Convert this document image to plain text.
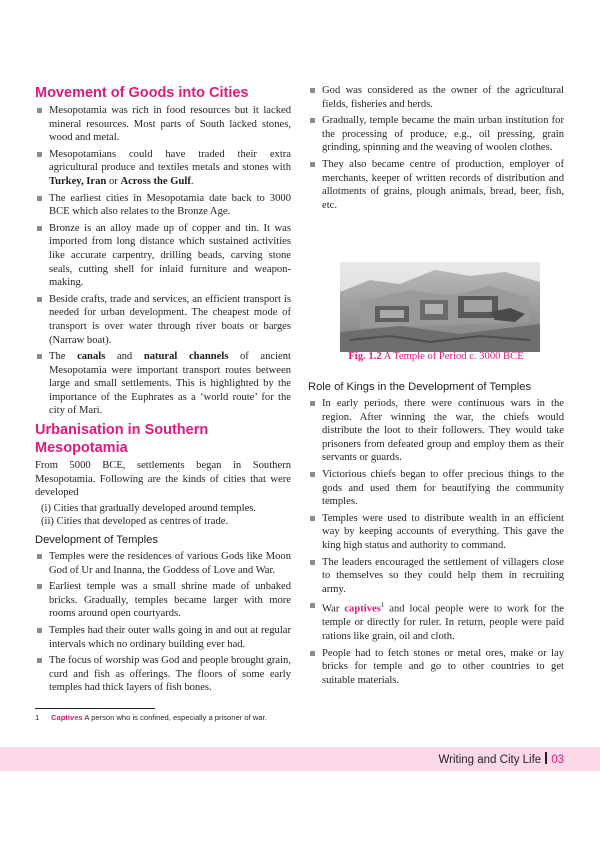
Movement of Goods into Cities
Mesopotamia was rich in food resources but it lacked mineral resources. Most parts of South lacked stones, wood and metal.
Mesopotamians could have traded their extra agricultural produce and textiles metals and stones with Turkey, Iran or Across the Gulf.
The earliest cities in Mesopotamia date back to 3000 BCE which also relates to the Bronze Age.
Bronze is an alloy made up of copper and tin. It was imported from long distance which sustained activities like accurate carpentry, drilling beads, carving stone seals, cutting shell for inlaid furniture and weapon-making.
Beside crafts, trade and services, an efficient transport is needed for urban development. The cheapest mode of transport is over water through river boats or barges (Narraw boat).
The canals and natural channels of ancient Mesopotamia were important transport routes between large and small settlements. This is highlighted by the importance of the Euphrates as a ‘world route’ for the city of Mari.
Urbanisation in Southern Mesopotamia

From 5000 BCE, settlements began in Southern Mesopotamia. Following are the kinds of cities that were developed

(i) Cities that gradually developed around temples.
(ii) Cities that developed as centres of trade.
Development of Temples
Temples were the residences of various Gods like Moon God of Ur and Inanna, the Goddess of Love and War.
Earliest temple was a small shrine made of unbaked bricks. Gradually, temples became larger with more rooms around open courtyards.
Temples had their outer walls going in and out at regular intervals which no ordinary building ever had.
The focus of worship was God and people brought grain, curd and fish as offerings. The floors of some early temples had thick layers of fish bones.
God was considered as the owner of the agricultural fields, fisheries and herds.
Gradually, temple became the main urban institution for the processing of produce, e.g., oil pressing, grain grinding, spinning and the weaving of woolen clothes.
They also became centre of production, employer of merchants, keeper of written records of distribution and allotments of grains, plough animals, bread, beer, fish, etc.
Fig. 1.2 A Temple of Period c. 3000 BCE
Role of Kings in the Development of Temples
In early periods, there were continuous wars in the region. After winning the war, the chiefs would distribute the loot to their followers. They would take prisoners from defeated group and employ them as their servants or guards.
Victorious chiefs began to offer precious things to the gods and used them for beautifying the community temples.
Temples were used to distribute wealth in an efficient way by keeping accounts of everything. This gave the king high status and authority to command.
The leaders encouraged the settlement of villagers close to themselves so they could help them in recruiting army.
War captives$^1$ and local people were to work for the temple or directly for ruler. In return, people were paid rations like grain, oil and cloth.
People had to fetch stones or metal ores, make or lay bricks for temple and go to other countries to get suitable materials.
1 Captives A person who is confined, especially a prisoner of war.
Writing and City Life 03
